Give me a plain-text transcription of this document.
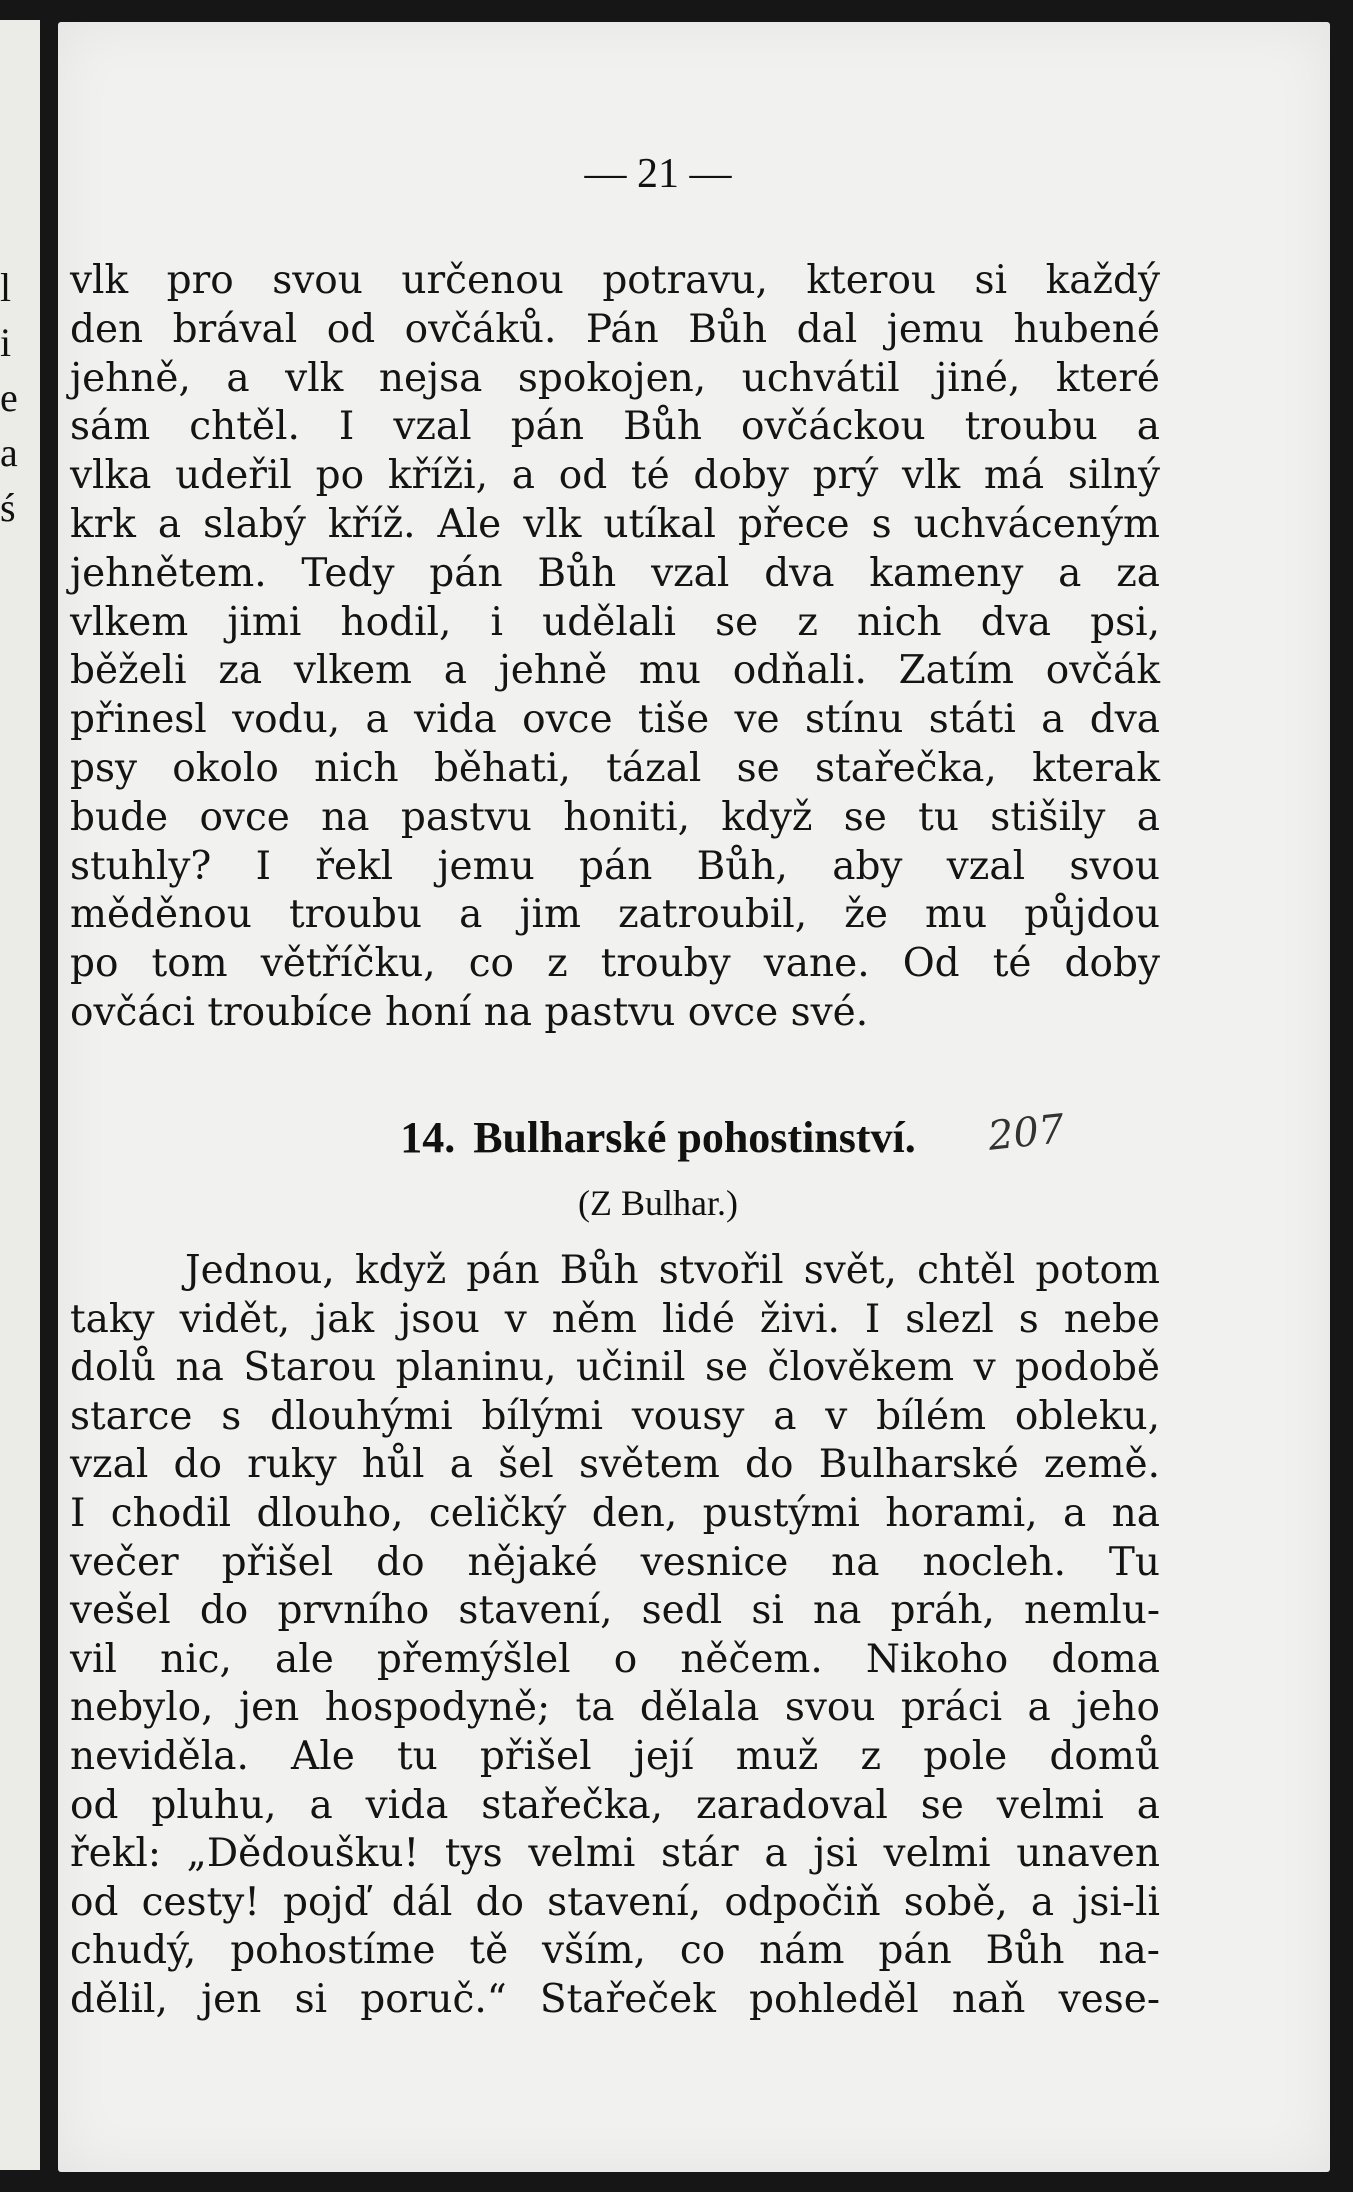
l
i
e
a
ś
— 21 —
vlk pro svou určenou potravu, kterou si každý
den brával od ovčáků. Pán Bůh dal jemu hubené
jehně, a vlk nejsa spokojen, uchvátil jiné, které
sám chtěl. I vzal pán Bůh ovčáckou troubu a
vlka udeřil po kříži, a od té doby prý vlk má silný
krk a slabý kříž. Ale vlk utíkal přece s uchváceným
jehnětem. Tedy pán Bůh vzal dva kameny a za
vlkem jimi hodil, i udělali se z nich dva psi,
běželi za vlkem a jehně mu odňali. Zatím ovčák
přinesl vodu, a vida ovce tiše ve stínu státi a dva
psy okolo nich běhati, tázal se stařečka, kterak
bude ovce na pastvu honiti, když se tu stišily a
stuhly? I řekl jemu pán Bůh, aby vzal svou
měděnou troubu a jim zatroubil, že mu půjdou
po tom větříčku, co z trouby vane. Od té doby
ovčáci troubíce honí na pastvu ovce své.
14. Bulharské pohostinství.	207
(Z Bulhar.)
Jednou, když pán Bůh stvořil svět, chtěl potom
taky vidět, jak jsou v něm lidé živi. I slezl s nebe
dolů na Starou planinu, učinil se člověkem v podobě
starce s dlouhými bílými vousy a v bílém obleku,
vzal do ruky hůl a šel světem do Bulharské země.
I chodil dlouho, celičký den, pustými horami, a na
večer přišel do nějaké vesnice na nocleh. Tu
vešel do prvního stavení, sedl si na práh, nemlu-
vil nic, ale přemýšlel o něčem. Nikoho doma
nebylo, jen hospodyně; ta dělala svou práci a jeho
neviděla. Ale tu přišel její muž z pole domů
od pluhu, a vida stařečka, zaradoval se velmi a
řekl: „Dědoušku! tys velmi stár a jsi velmi unaven
od cesty! pojď dál do stavení, odpočiň sobě, a jsi-li
chudý, pohostíme tě vším, co nám pán Bůh na-
dělil, jen si poruč.“ Stařeček pohleděl naň vese-
